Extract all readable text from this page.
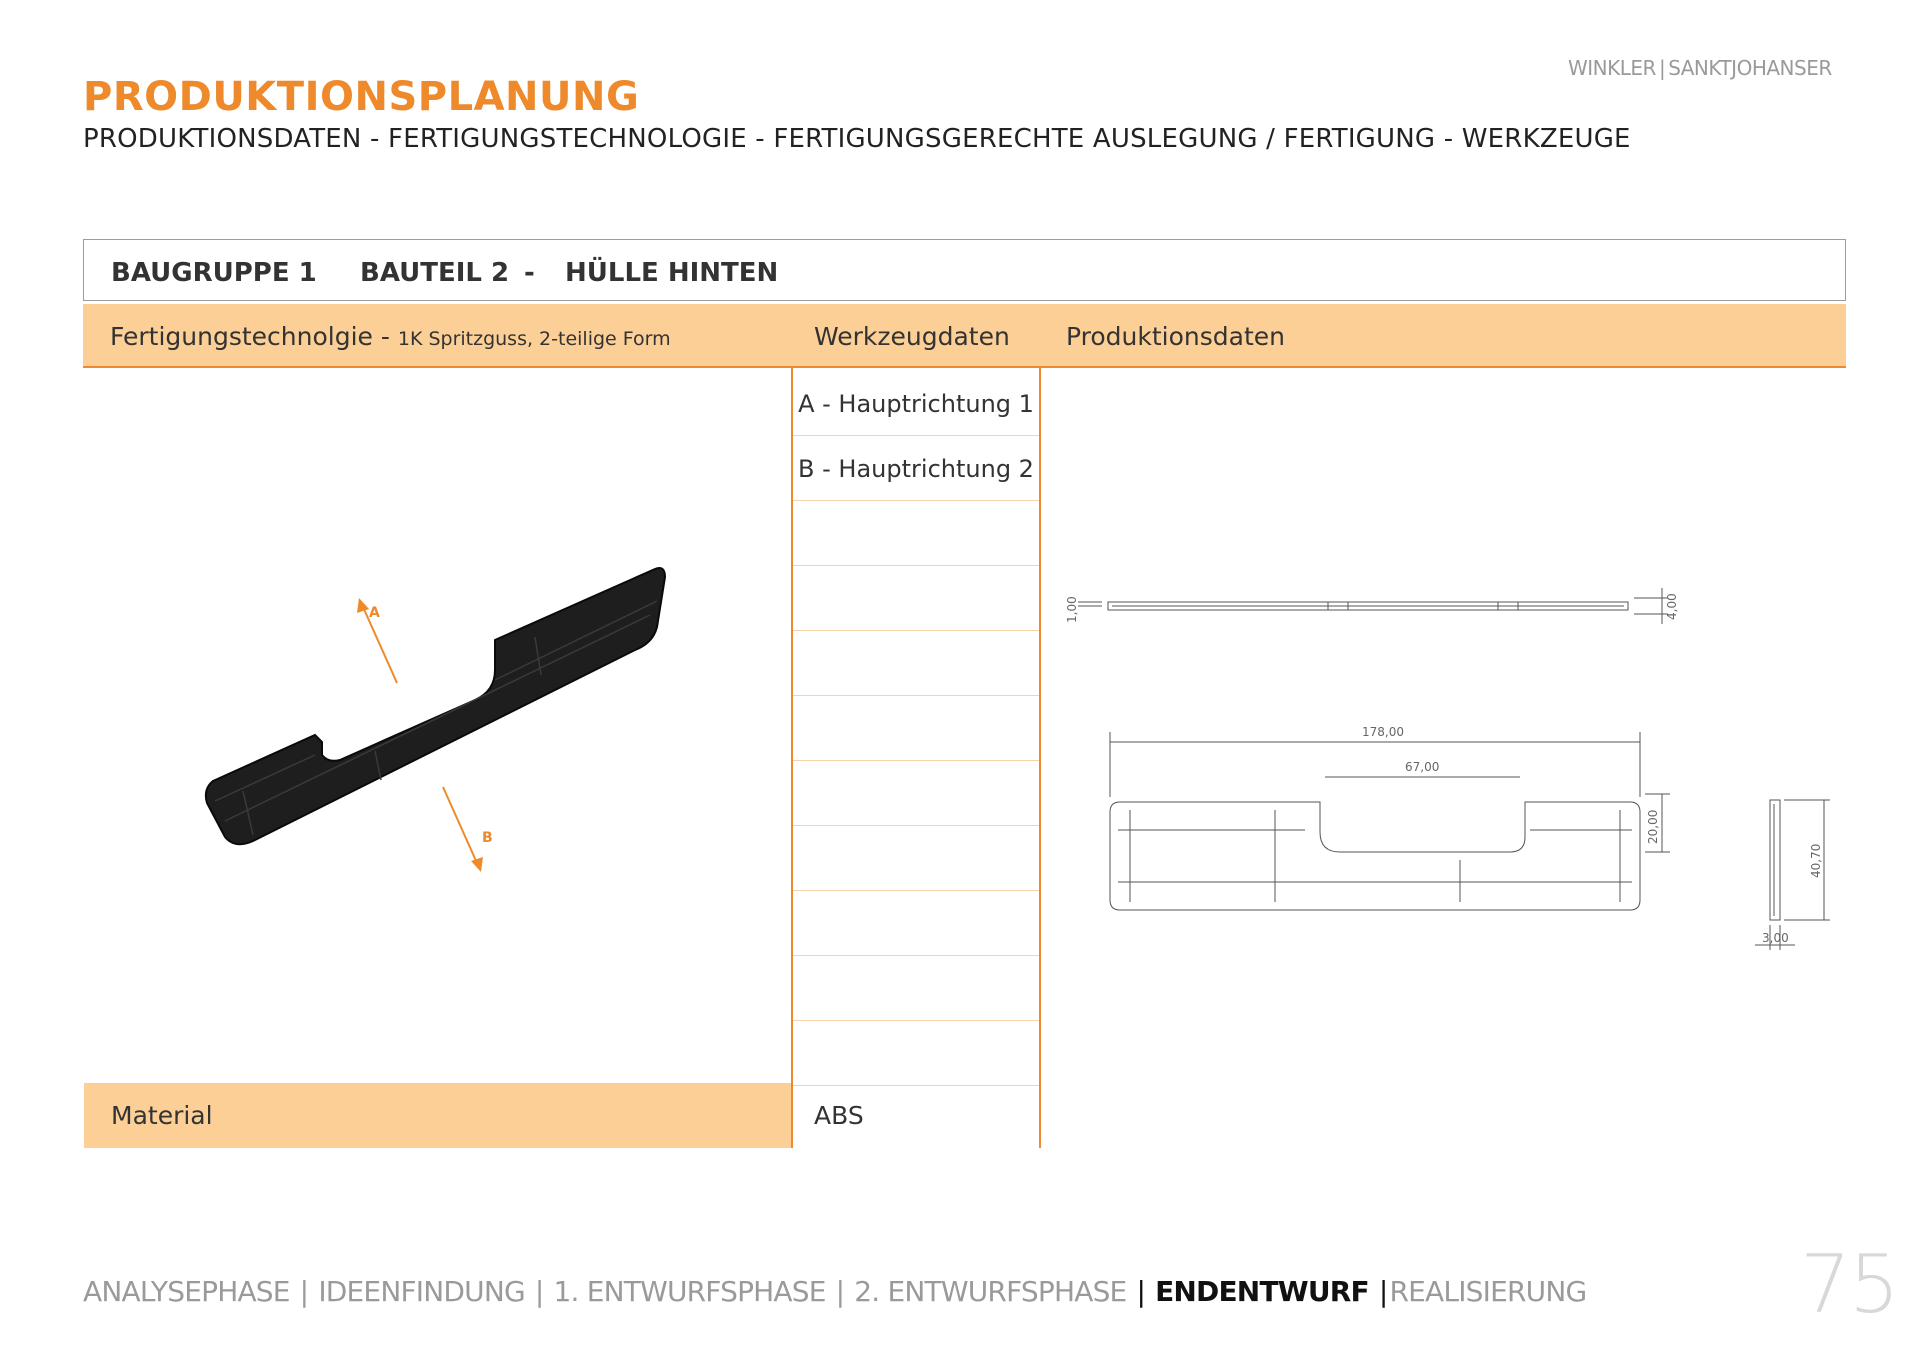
WINKLER | SANKTJOHANSER
PRODUKTIONSPLANUNG
PRODUKTIONSDATEN - FERTIGUNGSTECHNOLOGIE - FERTIGUNGSGERECHTE AUSLEGUNG / FERTIGUNG - WERKZEUGE
BAUGRUPPE 1 BAUTEIL 2 - HÜLLE HINTEN
Fertigungstechnolgie - 1K Spritzguss, 2-teilige Form	Werkzeugdaten Produktionsdaten
A - Hauptrichtung 1
B - Hauptrichtung 2
A
B
1,00	4,00
178,00
67,00
20,00
40,70
3,00
Material	ABS
ANALYSEPHASE | IDEENFINDUNG | 1. ENTWURFSPHASE | 2. ENTWURFSPHASE | ENDENTWURF |REALISIERUNG	75
